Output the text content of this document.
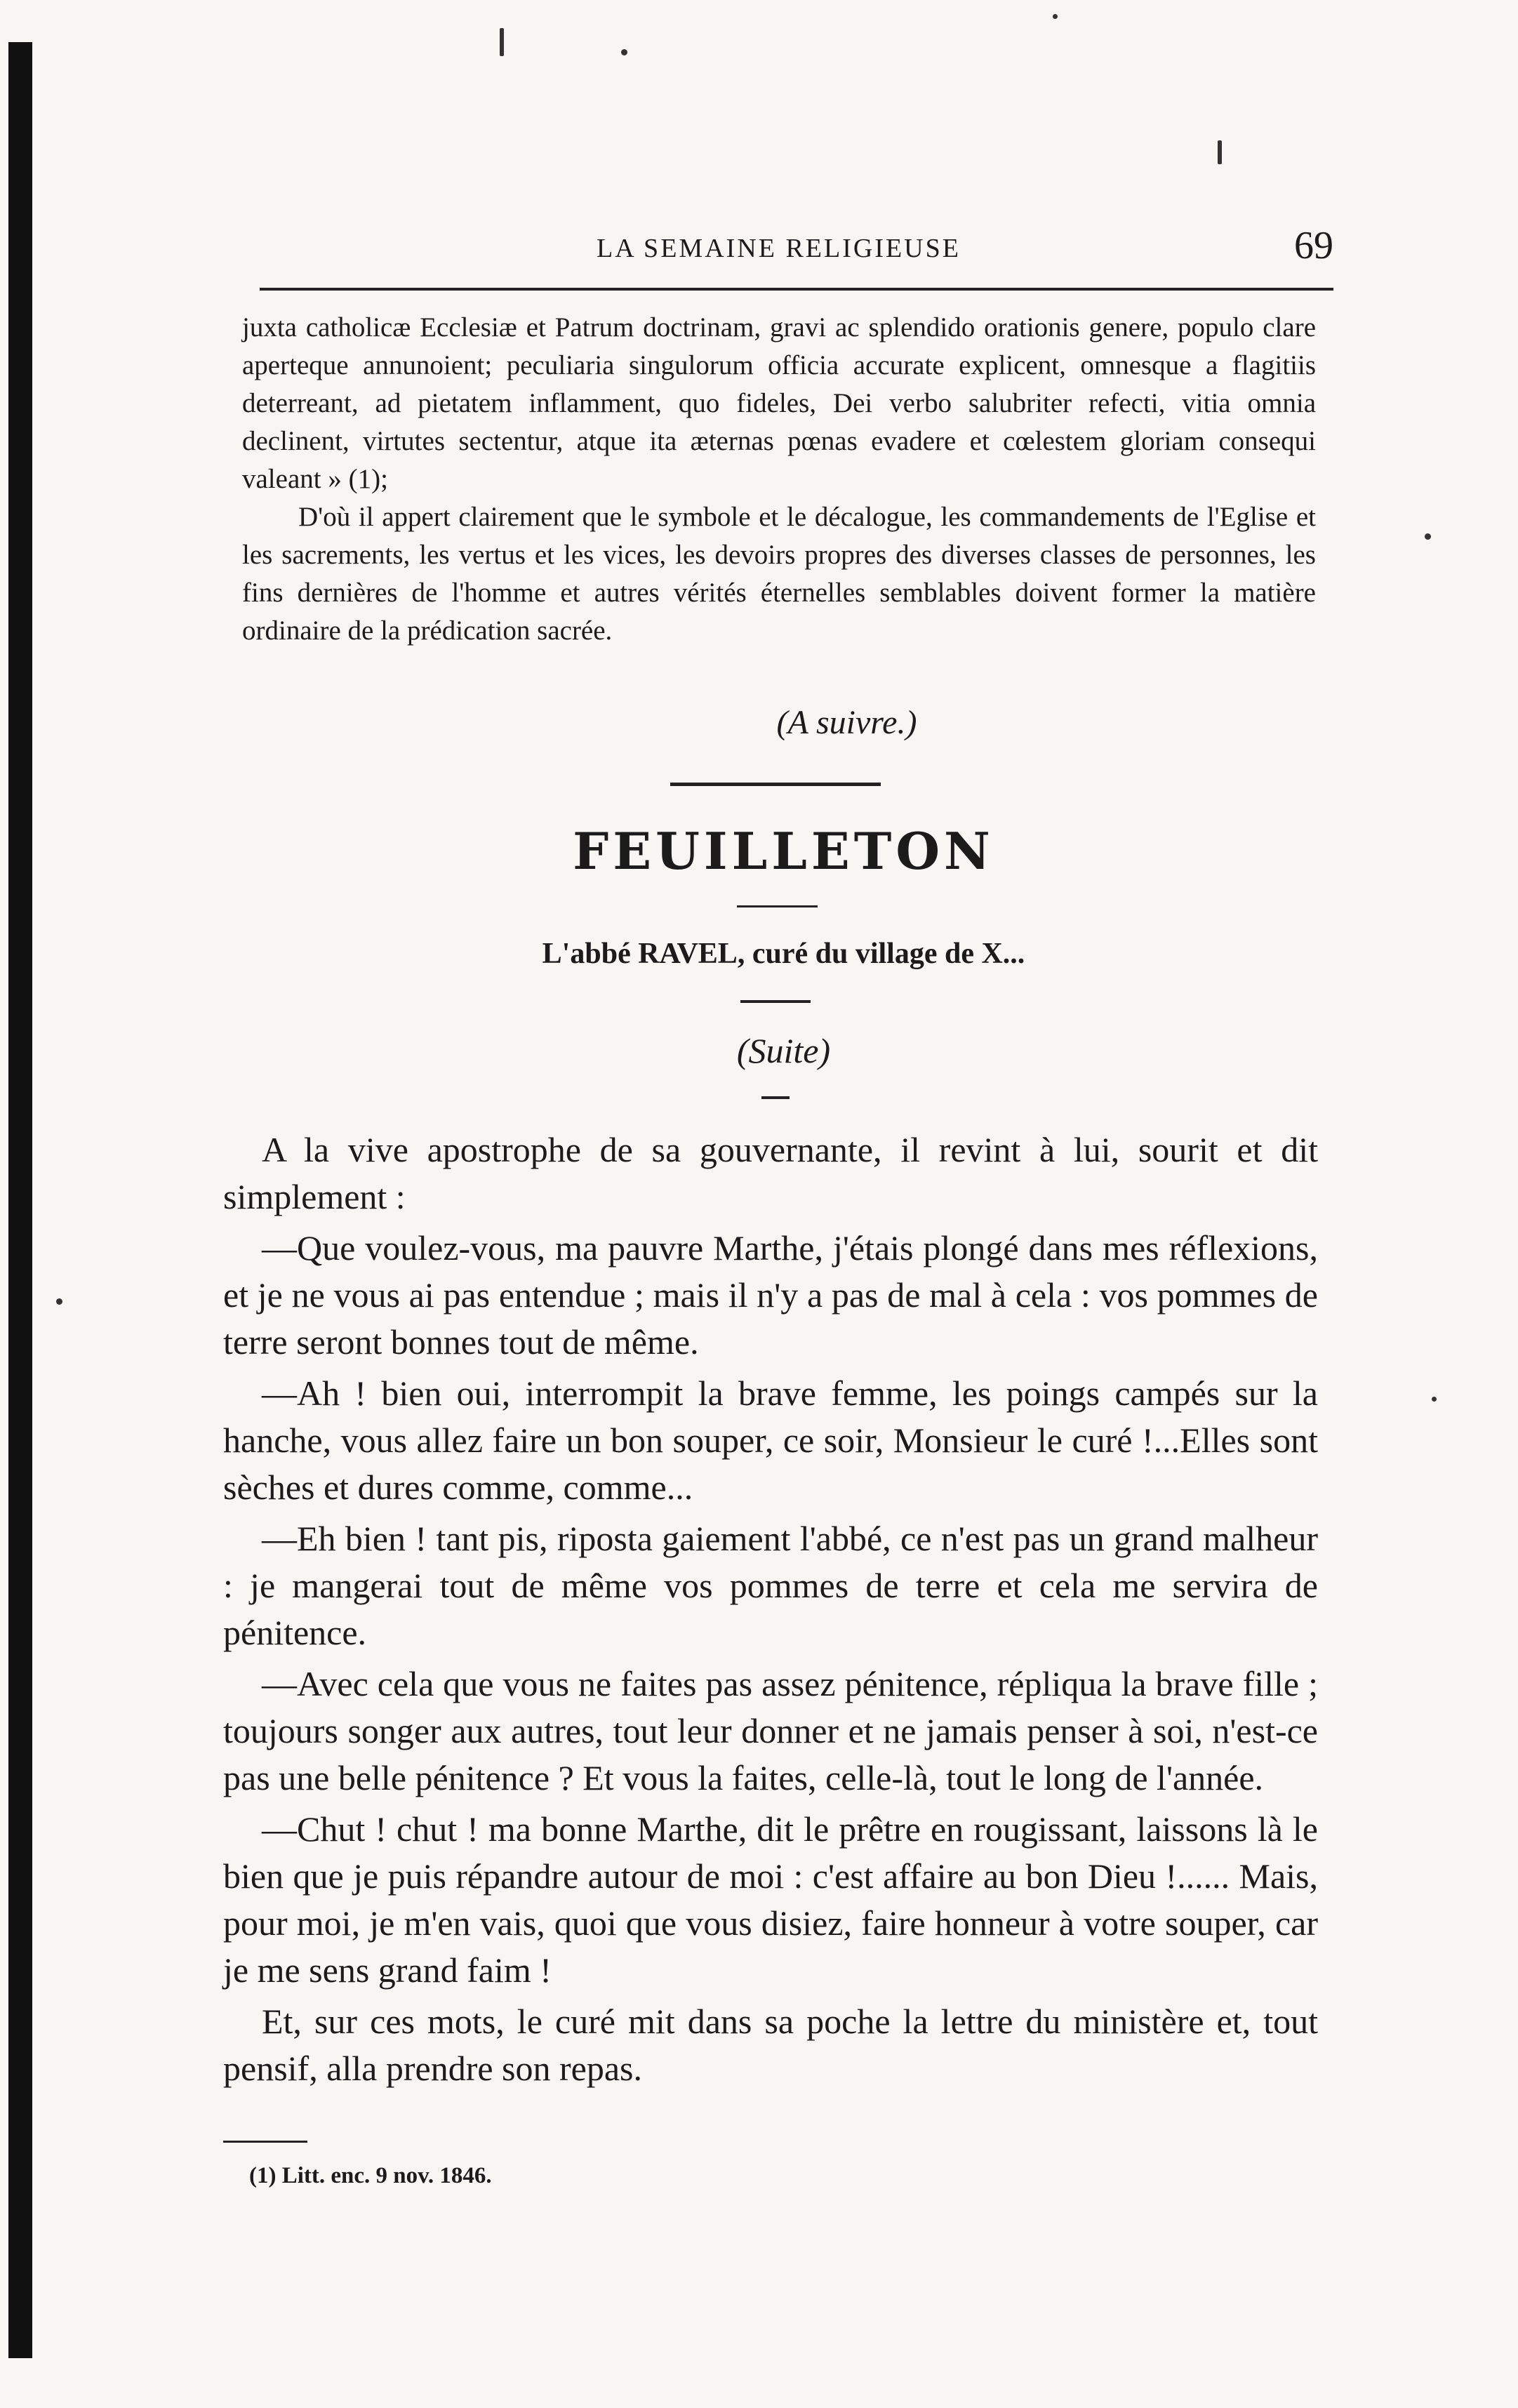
LA SEMAINE RELIGIEUSE	69

juxta catholicæ Ecclesiæ et Patrum doctrinam, gravi ac splendido orationis genere, populo clare aperteque annunoient; peculiaria singulorum officia accurate explicent, omnesque a flagitiis deterreant, ad pietatem inflamment, quo fideles, Dei verbo salubriter refecti, vitia omnia declinent, virtutes sectentur, atque ita æternas pœnas evadere et cœlestem gloriam consequi valeant » (1);

D'où il appert clairement que le symbole et le décalogue, les commandements de l'Eglise et les sacrements, les vertus et les vices, les devoirs propres des diverses classes de personnes, les fins dernières de l'homme et autres vérités éternelles semblables doivent former la matière ordinaire de la prédication sacrée.

(A suivre.)
FEUILLETON
L'abbé RAVEL, curé du village de X...
(Suite)

A la vive apostrophe de sa gouvernante, il revint à lui, sourit et dit simplement :

—Que voulez-vous, ma pauvre Marthe, j'étais plongé dans mes réflexions, et je ne vous ai pas entendue ; mais il n'y a pas de mal à cela : vos pommes de terre seront bonnes tout de même.

—Ah ! bien oui, interrompit la brave femme, les poings campés sur la hanche, vous allez faire un bon souper, ce soir, Monsieur le curé !...Elles sont sèches et dures comme, comme...

—Eh bien ! tant pis, riposta gaiement l'abbé, ce n'est pas un grand malheur : je mangerai tout de même vos pommes de terre et cela me servira de pénitence.

—Avec cela que vous ne faites pas assez pénitence, répliqua la brave fille ; toujours songer aux autres, tout leur donner et ne jamais penser à soi, n'est-ce pas une belle pénitence ? Et vous la faites, celle-là, tout le long de l'année.

—Chut ! chut ! ma bonne Marthe, dit le prêtre en rougissant, laissons là le bien que je puis répandre autour de moi : c'est affaire au bon Dieu !...... Mais, pour moi, je m'en vais, quoi que vous disiez, faire honneur à votre souper, car je me sens grand faim !

Et, sur ces mots, le curé mit dans sa poche la lettre du ministère et, tout pensif, alla prendre son repas.

(1) Litt. enc. 9 nov. 1846.
